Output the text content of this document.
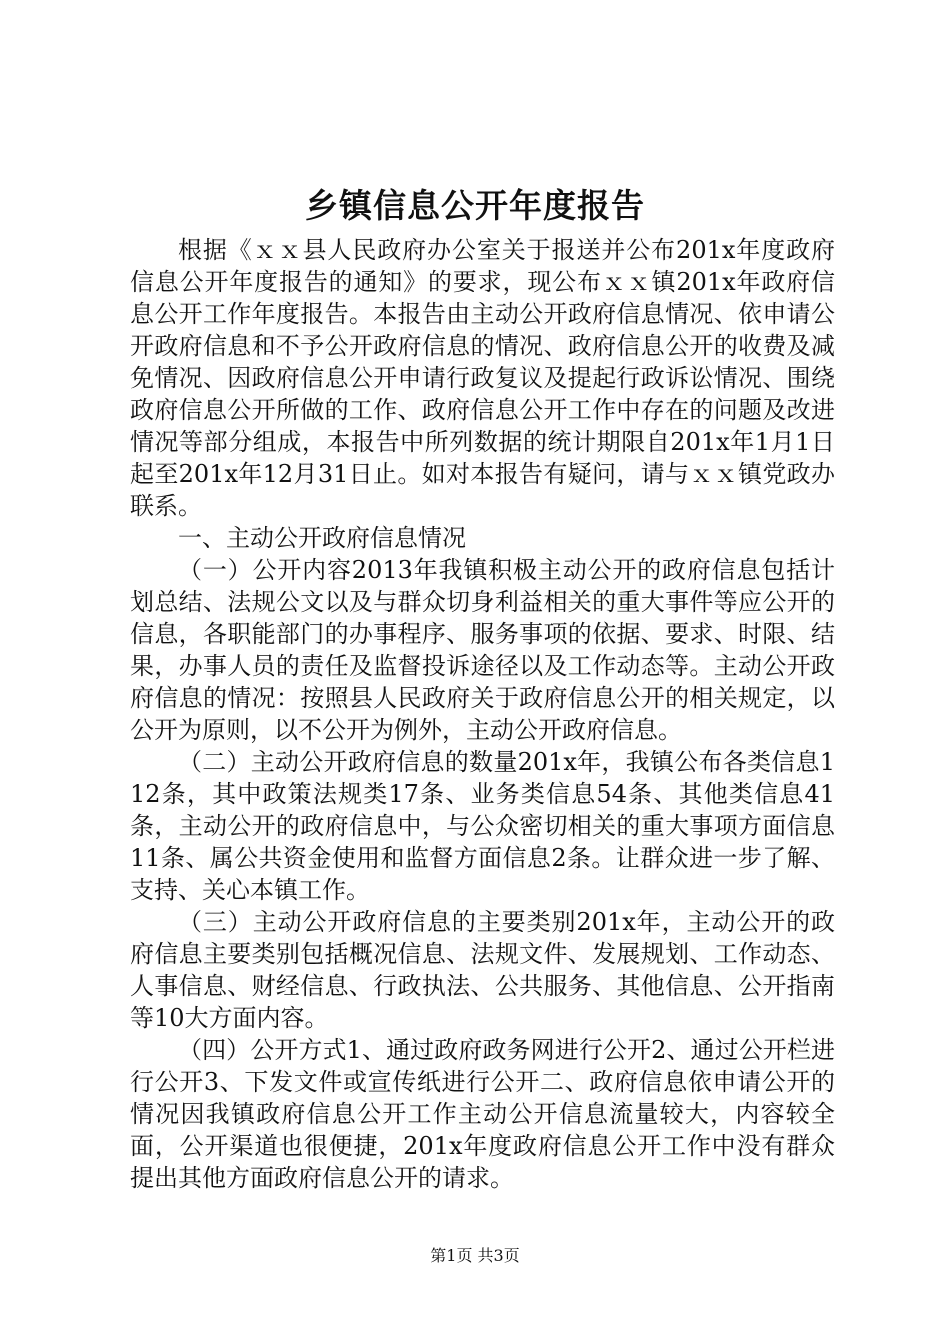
乡镇信息公开年度报告

根据《ｘｘ县人民政府办公室关于报送并公布201x年度政府信息公开年度报告的通知》的要求，现公布ｘｘ镇201x年政府信息公开工作年度报告。本报告由主动公开政府信息情况、依申请公开政府信息和不予公开政府信息的情况、政府信息公开的收费及减免情况、因政府信息公开申请行政复议及提起行政诉讼情况、围绕政府信息公开所做的工作、政府信息公开工作中存在的问题及改进情况等部分组成，本报告中所列数据的统计期限自201x年1月1日起至201x年12月31日止。如对本报告有疑问，请与ｘｘ镇党政办联系。

一、主动公开政府信息情况

（一）公开内容2013年我镇积极主动公开的政府信息包括计划总结、法规公文以及与群众切身利益相关的重大事件等应公开的信息，各职能部门的办事程序、服务事项的依据、要求、时限、结果，办事人员的责任及监督投诉途径以及工作动态等。主动公开政府信息的情况：按照县人民政府关于政府信息公开的相关规定，以公开为原则，以不公开为例外，主动公开政府信息。

（二）主动公开政府信息的数量201x年，我镇公布各类信息112条，其中政策法规类17条、业务类信息54条、其他类信息41条，主动公开的政府信息中，与公众密切相关的重大事项方面信息11条、属公共资金使用和监督方面信息2条。让群众进一步了解、支持、关心本镇工作。

（三）主动公开政府信息的主要类别201x年，主动公开的政府信息主要类别包括概况信息、法规文件、发展规划、工作动态、人事信息、财经信息、行政执法、公共服务、其他信息、公开指南等10大方面内容。

（四）公开方式1、通过政府政务网进行公开2、通过公开栏进行公开3、下发文件或宣传纸进行公开二、政府信息依申请公开的情况因我镇政府信息公开工作主动公开信息流量较大，内容较全面，公开渠道也很便捷，201x年度政府信息公开工作中没有群众提出其他方面政府信息公开的请求。

第1页 共3页
